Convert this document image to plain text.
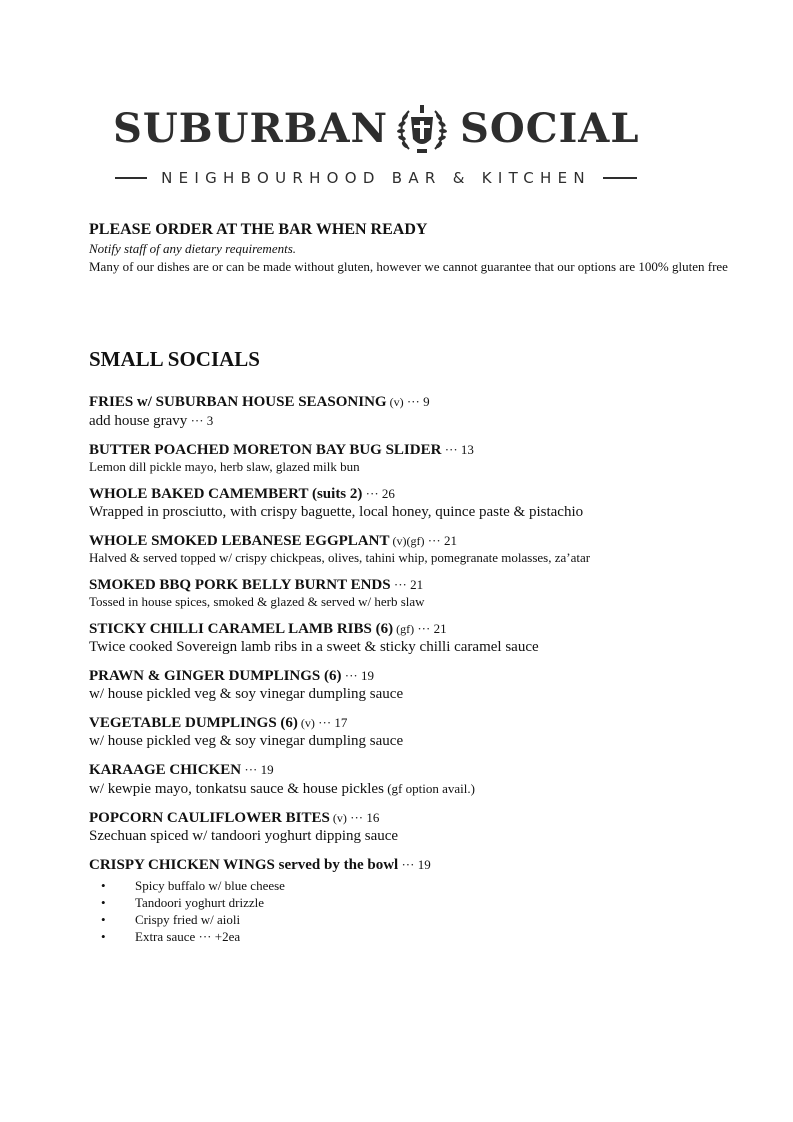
SUBURBAN SOCIAL
NEIGHBOURHOOD BAR & KITCHEN
PLEASE ORDER AT THE BAR WHEN READY
Notify staff of any dietary requirements.
Many of our dishes are or can be made without gluten, however we cannot guarantee that our options are 100% gluten free
SMALL SOCIALS
FRIES w/ SUBURBAN HOUSE SEASONING (v) ··· 9
add house gravy ··· 3
BUTTER POACHED MORETON BAY BUG SLIDER ··· 13
Lemon dill pickle mayo, herb slaw, glazed milk bun
WHOLE BAKED CAMEMBERT (suits 2) ··· 26
Wrapped in prosciutto, with crispy baguette, local honey, quince paste & pistachio
WHOLE SMOKED LEBANESE EGGPLANT (v)(gf) ··· 21
Halved & served topped w/ crispy chickpeas, olives, tahini whip, pomegranate molasses, za’atar
SMOKED BBQ PORK BELLY BURNT ENDS ··· 21
Tossed in house spices, smoked & glazed & served w/ herb slaw
STICKY CHILLI CARAMEL LAMB RIBS (6) (gf) ··· 21
Twice cooked Sovereign lamb ribs in a sweet & sticky chilli caramel sauce
PRAWN & GINGER DUMPLINGS (6) ··· 19
w/ house pickled veg & soy vinegar dumpling sauce
VEGETABLE DUMPLINGS (6) (v) ··· 17
w/ house pickled veg & soy vinegar dumpling sauce
KARAAGE CHICKEN ··· 19
w/ kewpie mayo, tonkatsu sauce & house pickles (gf option avail.)
POPCORN CAULIFLOWER BITES (v) ··· 16
Szechuan spiced w/ tandoori yoghurt dipping sauce
CRISPY CHICKEN WINGS served by the bowl ··· 19
• Spicy buffalo w/ blue cheese
• Tandoori yoghurt drizzle
• Crispy fried w/ aioli
• Extra sauce ··· +2ea
